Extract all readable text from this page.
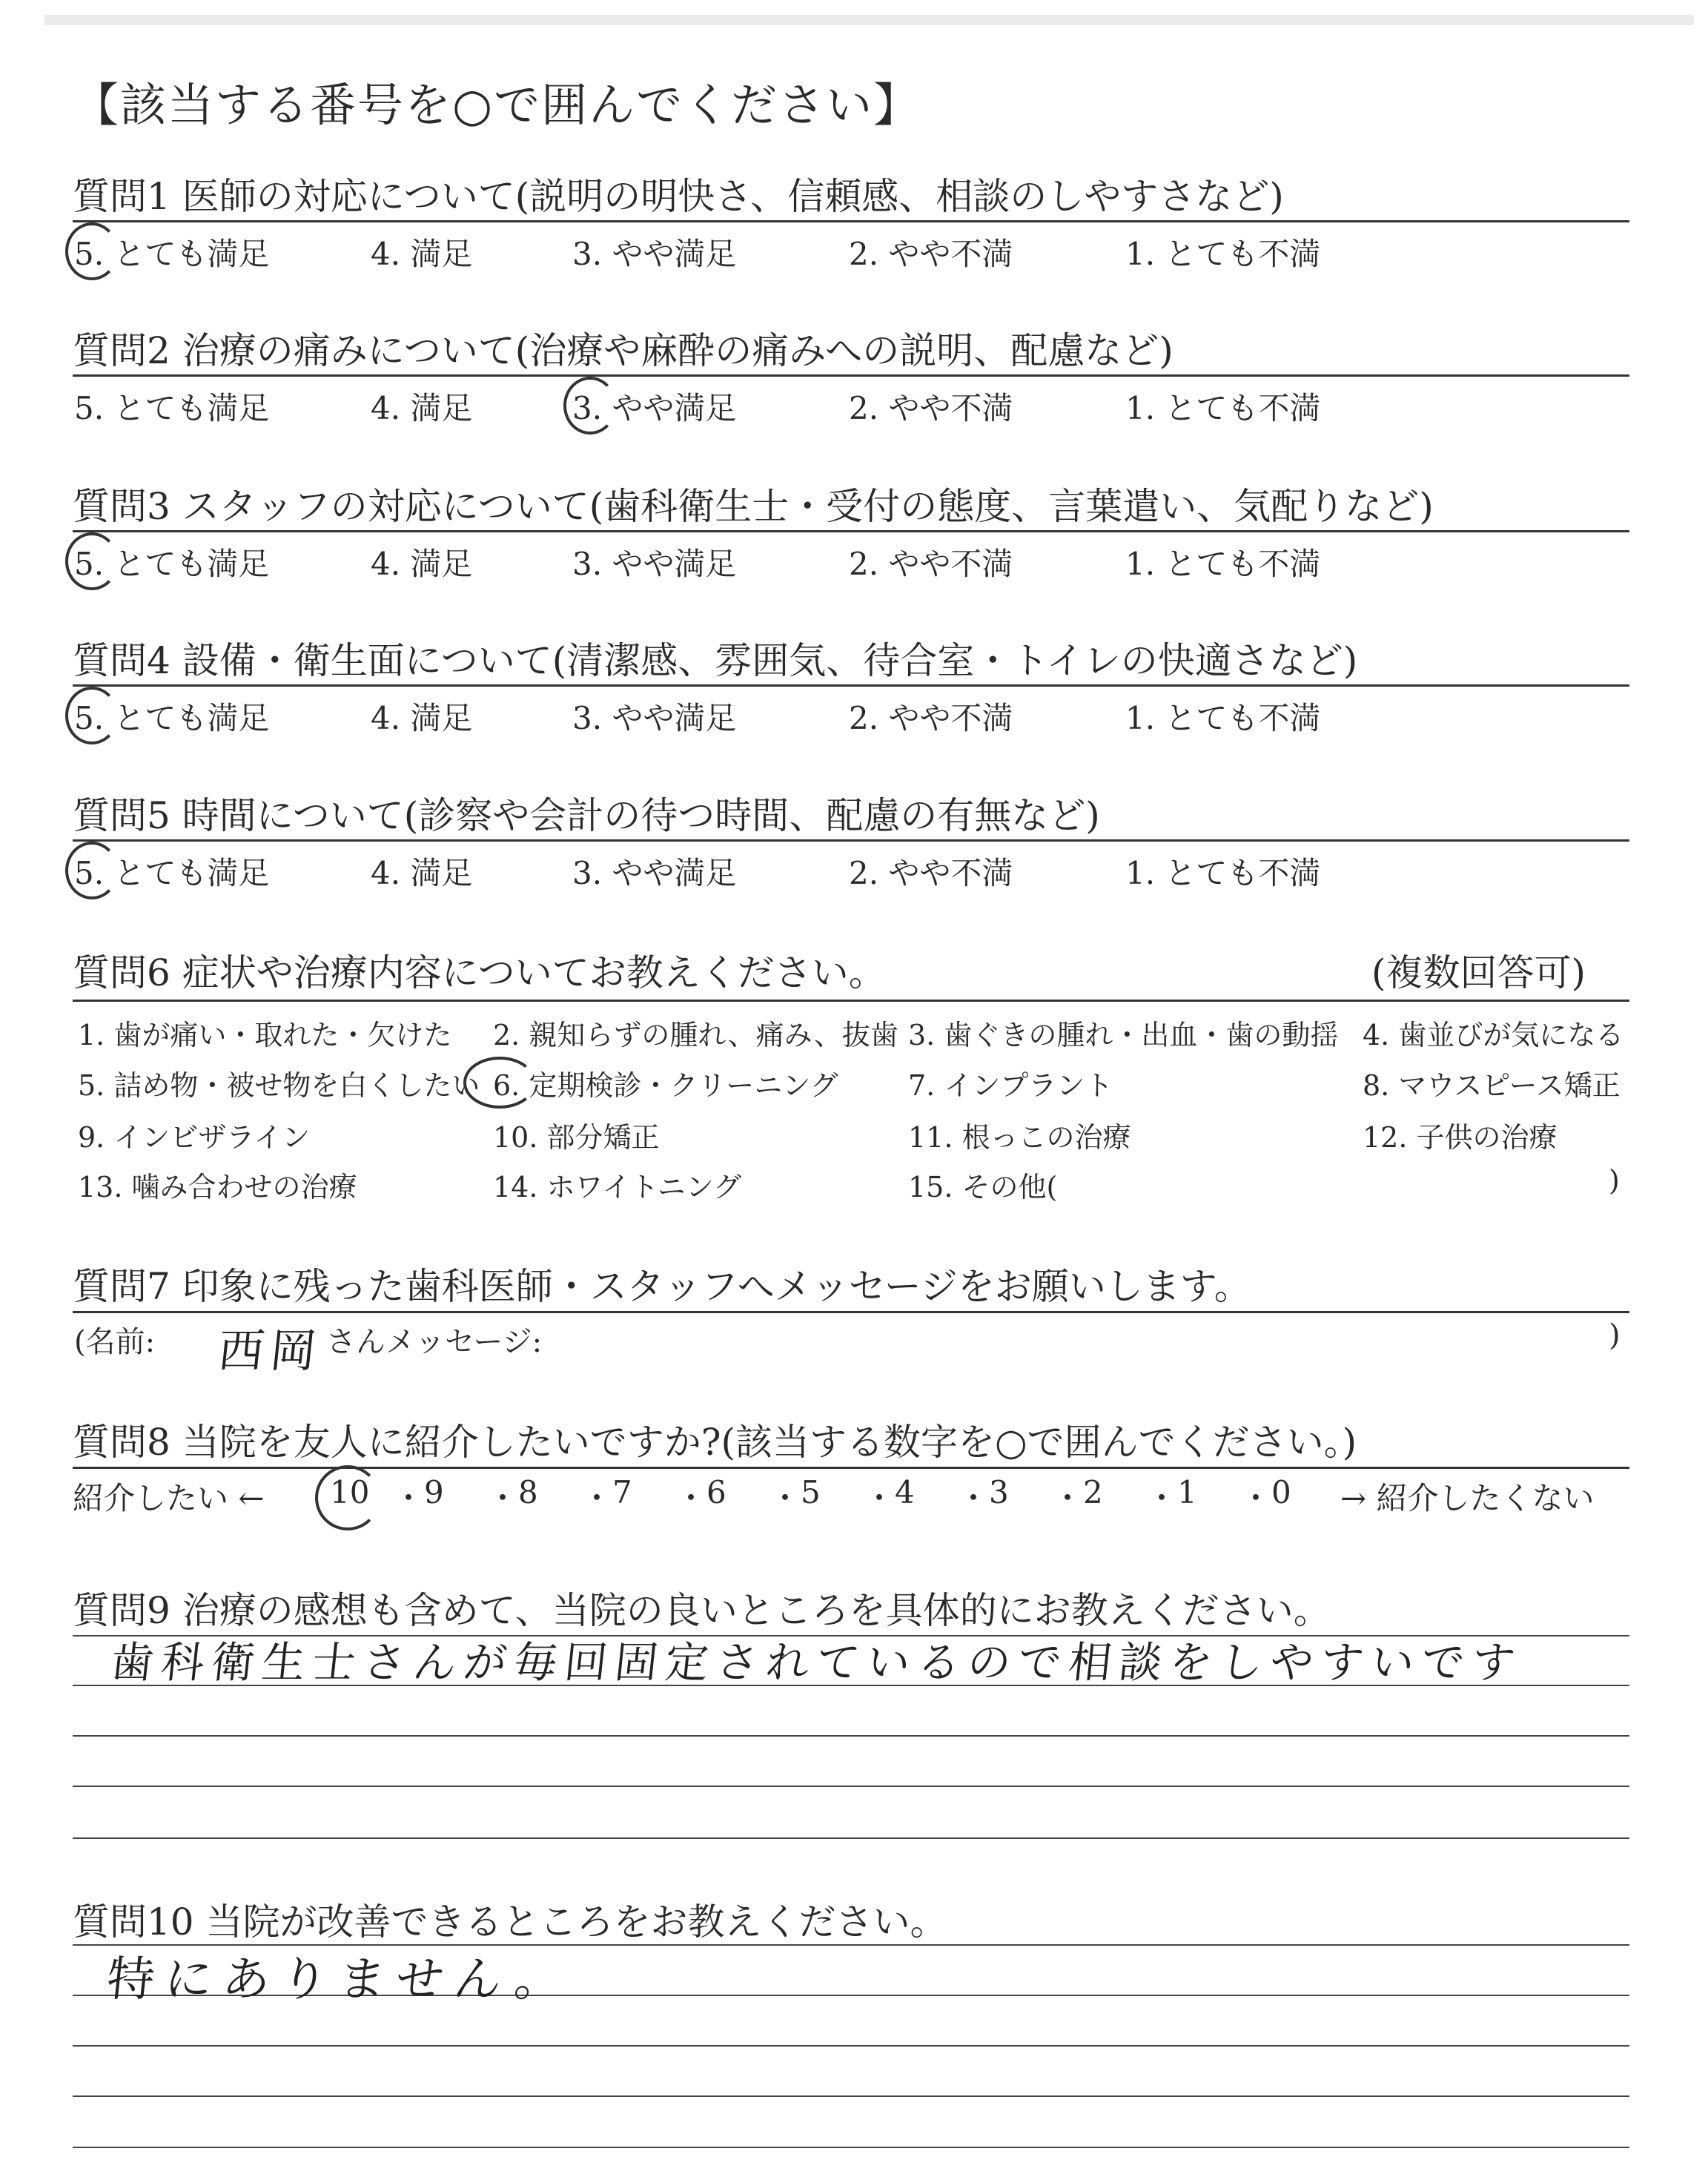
【該当する番号を○で囲んでください】
質問1 医師の対応について(説明の明快さ、信頼感、相談のしやすさなど)
5. とても満足	4. 満足	3. やや満足	2. やや不満	1. とても不満
質問2 治療の痛みについて(治療や麻酔の痛みへの説明、配慮など)
5. とても満足	4. 満足	3. やや満足	2. やや不満	1. とても不満
質問3 スタッフの対応について(歯科衛生士・受付の態度、言葉遣い、気配りなど)
5. とても満足	4. 満足	3. やや満足	2. やや不満	1. とても不満
質問4 設備・衛生面について(清潔感、雰囲気、待合室・トイレの快適さなど)
5. とても満足	4. 満足	3. やや満足	2. やや不満	1. とても不満
質問5 時間について(診察や会計の待つ時間、配慮の有無など)
5. とても満足	4. 満足	3. やや満足	2. やや不満	1. とても不満
質問6 症状や治療内容についてお教えください。	(複数回答可)
1. 歯が痛い・取れた・欠けた 2. 親知らずの腫れ、痛み、抜歯 3. 歯ぐきの腫れ・出血・歯の動揺 4. 歯並びが気になる
5. 詰め物・被せ物を白くしたい 6. 定期検診・クリーニング 7. インプラント	8. マウスピース矯正
9. インビザライン	10. 部分矯正	11. 根っこの治療	12. 子供の治療
13. 噛み合わせの治療	14. ホワイトニング	15. その他(	)
質問7 印象に残った歯科医師・スタッフへメッセージをお願いします。
(名前: 西岡 さんメッセージ:	)
質問8 当院を友人に紹介したいですか?(該当する数字を○で囲んでください。)
紹介したい ← 10 ・ 9 ・ 8 ・ 7 ・ 6 ・ 5 ・ 4 ・ 3 ・ 2 ・ 1 ・ 0 → 紹介したくない
質問9 治療の感想も含めて、当院の良いところを具体的にお教えください。
歯科衛生士さんが毎回固定されているので相談をしやすいです
質問10 当院が改善できるところをお教えください。
特にありません。
